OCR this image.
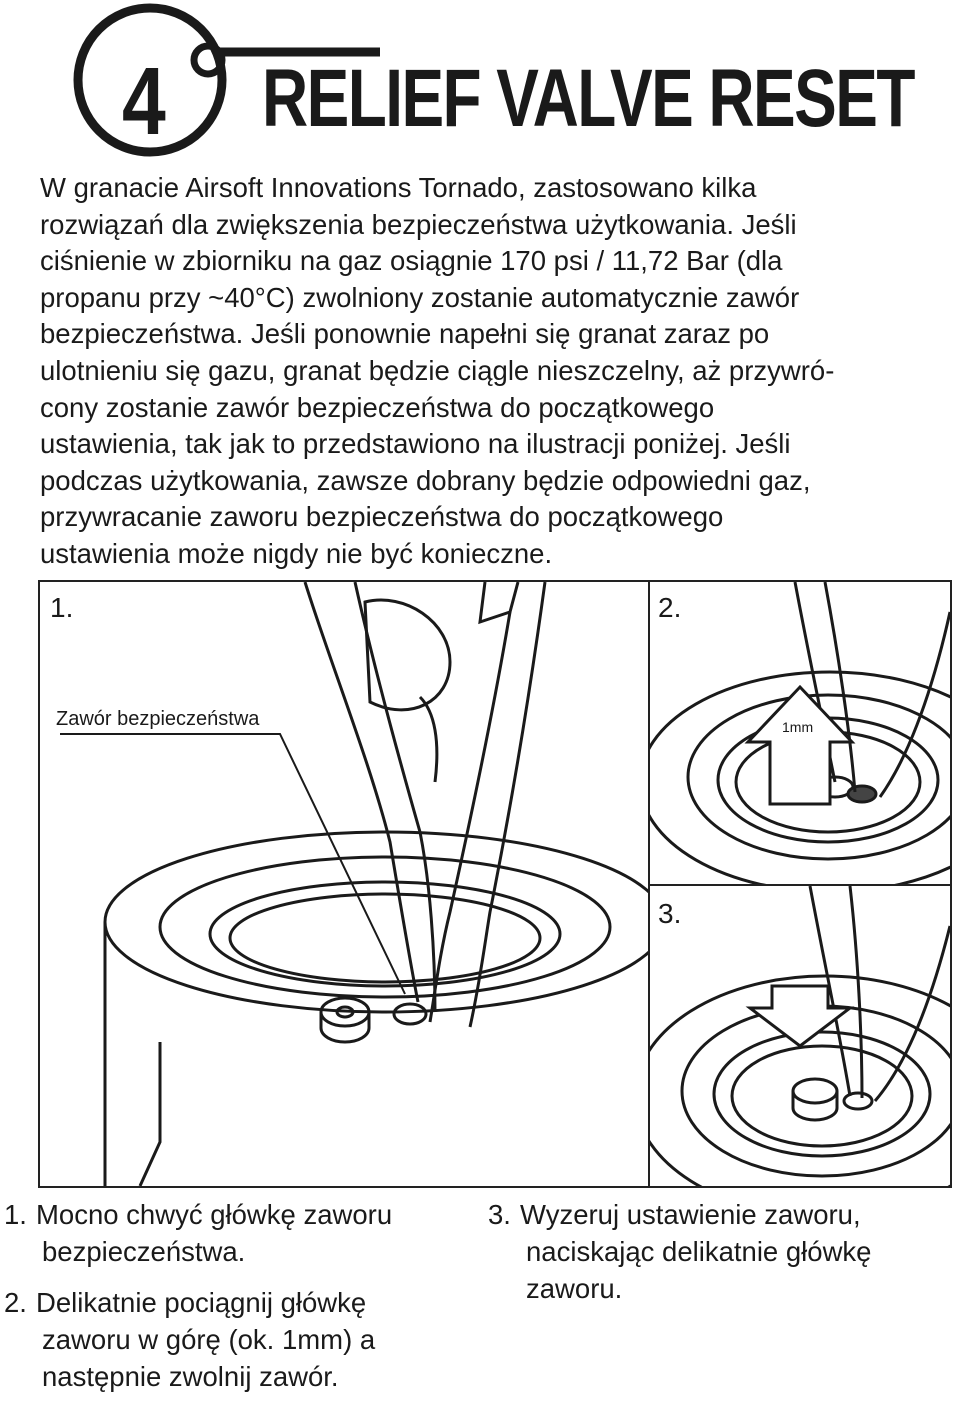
4 RELIEF VALVE RESET

W granacie Airsoft Innovations Tornado, zastosowano kilka

rozwiązań dla zwiększenia bezpieczeństwa użytkowania. Jeśli

ciśnienie w zbiorniku na gaz osiągnie 170 psi / 11,72 Bar (dla

propanu przy ~40°C) zwolniony zostanie automatycznie zawór

bezpieczeństwa. Jeśli ponownie napełni się granat zaraz po

ulotnieniu się gazu, granat będzie ciągle nieszczelny, aż przywró-

cony zostanie zawór bezpieczeństwa do początkowego

ustawienia, tak jak to przedstawiono na ilustracji poniżej. Jeśli

podczas użytkowania, zawsze dobrany będzie odpowiedni gaz,

przywracanie zaworu bezpieczeństwa do początkowego

ustawienia może nigdy nie być konieczne.

1.
Zawór bezpieczeństwa
2.
1mm
3.

1. Mocno chwyć główkę zaworu
bezpieczeństwa.

2. Delikatnie pociągnij główkę
zaworu w górę (ok. 1mm) a
następnie zwolnij zawór.

3. Wyzeruj ustawienie zaworu,
naciskając delikatnie główkę
zaworu.
